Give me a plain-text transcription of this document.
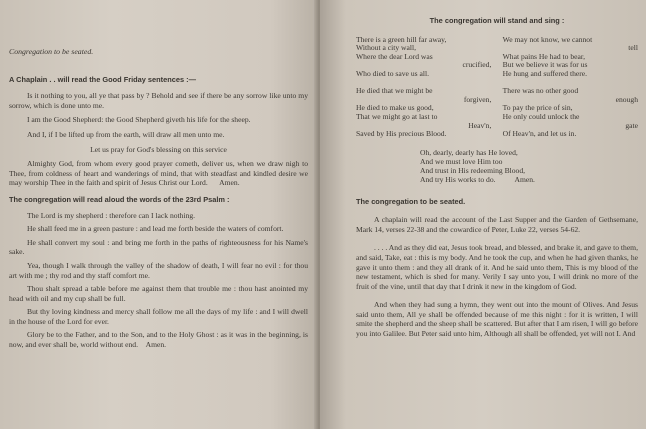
Congregation to be seated.

A Chaplain . . will read the Good Friday sentences :—

Is it nothing to you, all ye that pass by ? Behold and see if there be any sorrow like unto my sorrow, which is done unto me.

I am the Good Shepherd: the Good Shepherd giveth his life for the sheep.

And I, if I be lifted up from the earth, will draw all men unto me.

Let us pray for God's blessing on this service

Almighty God, from whom every good prayer cometh, deliver us, when we draw nigh to Thee, from coldness of heart and wanderings of mind, that with steadfast and kindled desire we may worship Thee in the faith and spirit of Jesus Christ our Lord. Amen.

The congregation will read aloud the words of the 23rd Psalm :

The Lord is my shepherd : therefore can I lack nothing.

He shall feed me in a green pasture : and lead me forth beside the waters of comfort.

He shall convert my soul : and bring me forth in the paths of righteousness for his Name's sake.

Yea, though I walk through the valley of the shadow of death, I will fear no evil : for thou art with me ; thy rod and thy staff comfort me.

Thou shalt spread a table before me against them that trouble me : thou hast anointed my head with oil and my cup shall be full.

But thy loving kindness and mercy shall follow me all the days of my life : and I will dwell in the house of the Lord for ever.

Glory be to the Father, and to the Son, and to the Holy Ghost : as it was in the beginning, is now, and ever shall be, world without end. Amen.

The congregation will stand and sing :

There is a green hill far away,
Without a city wall,
Where the dear Lord was
crucified,
Who died to save us all.

He died that we might be
forgiven,
He died to make us good,
That we might go at last to
Heav'n,
Saved by His precious Blood.
We may not know, we cannot
tell
What pains He had to bear,
But we believe it was for us
He hung and suffered there.

There was no other good
enough
To pay the price of sin,
He only could unlock the
gate
Of Heav'n, and let us in.
Oh, dearly, dearly has He loved,
And we must love Him too
And trust in His redeeming Blood,
And try His works to do. Amen.

The congregation to be seated.

A chaplain will read the account of the Last Supper and the Garden of Gethsemane, Mark 14, verses 22-38 and the cowardice of Peter, Luke 22, verses 54-62.

. . . . And as they did eat, Jesus took bread, and blessed, and brake it, and gave to them, and said, Take, eat : this is my body. And he took the cup, and when he had given thanks, he gave it unto them : and they all drank of it. And he said unto them, This is my blood of the new testament, which is shed for many. Verily I say unto you, I will drink no more of the fruit of the vine, until that day that I drink it new in the kingdom of God.

And when they had sung a hymn, they went out into the mount of Olives. And Jesus said unto them, All ye shall be offended because of me this night : for it is written, I will smite the shepherd and the sheep shall be scattered. But after that I am risen, I will go before you into Galilee. But Peter said unto him, Although all shall be offended, yet will not I. And
